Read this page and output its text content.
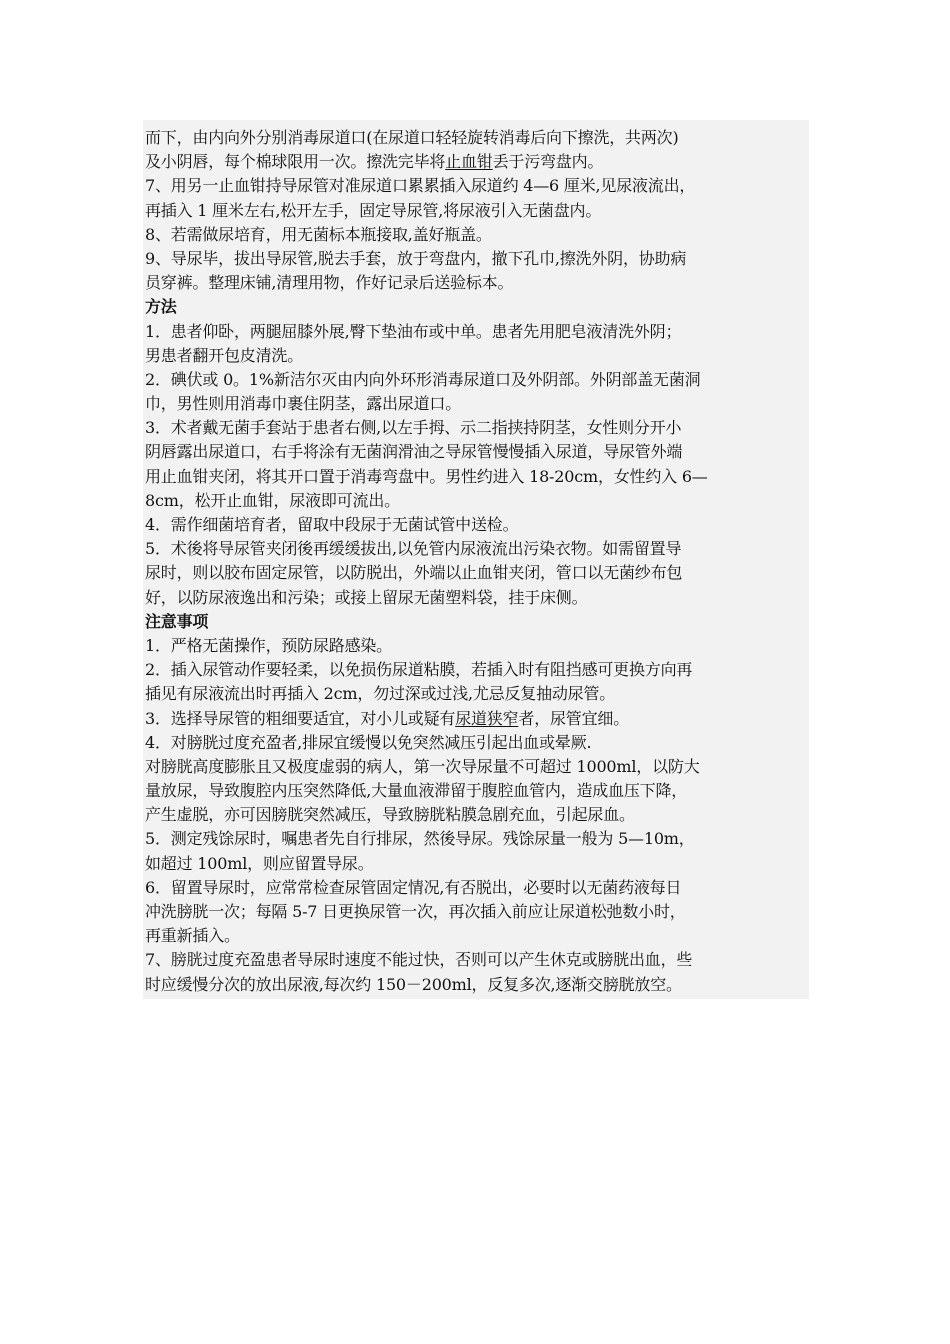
而下，由内向外分别消毒尿道口(在尿道口轻轻旋转消毒后向下擦洗，共两次)
及小阴唇，每个棉球限用一次。擦洗完毕将止血钳丢于污弯盘内。
7、用另一止血钳持导尿管对准尿道口累累插入尿道约 4—6 厘米,见尿液流出，
再插入 1 厘米左右,松开左手，固定导尿管,将尿液引入无菌盘内。
8、若需做尿培育，用无菌标本瓶接取,盖好瓶盖。
9、导尿毕，拔出导尿管,脱去手套，放于弯盘内，撤下孔巾,擦洗外阴，协助病
员穿裤。整理床铺,清理用物，作好记录后送验标本。
方法
1．患者仰卧，两腿屈膝外展,臀下垫油布或中单。患者先用肥皂液清洗外阴；
男患者翻开包皮清洗。
2．碘伏或 0。1%新洁尔灭由内向外环形消毒尿道口及外阴部。外阴部盖无菌洞
巾，男性则用消毒巾裹住阴茎，露出尿道口。
3．术者戴无菌手套站于患者右侧,以左手拇、示二指挟持阴茎，女性则分开小
阴唇露出尿道口，右手将涂有无菌润滑油之导尿管慢慢插入尿道，导尿管外端
用止血钳夹闭，将其开口置于消毒弯盘中。男性约进入 18-20cm，女性约入 6—
8cm，松开止血钳，尿液即可流出。
4．需作细菌培育者，留取中段尿于无菌试管中送检。
5．术後将导尿管夹闭後再缓缓拔出,以免管内尿液流出污染衣物。如需留置导
尿时，则以胶布固定尿管，以防脱出，外端以止血钳夹闭，管口以无菌纱布包
好，以防尿液逸出和污染；或接上留尿无菌塑料袋，挂于床侧。
注意事项
1．严格无菌操作，预防尿路感染。
2．插入尿管动作要轻柔，以免损伤尿道粘膜，若插入时有阻挡感可更换方向再
插见有尿液流出时再插入 2cm，勿过深或过浅,尤忌反复抽动尿管。
3．选择导尿管的粗细要适宜，对小儿或疑有尿道狭窄者，尿管宜细。
4．对膀胱过度充盈者,排尿宜缓慢以免突然减压引起出血或晕厥.
对膀胱高度膨胀且又极度虚弱的病人，第一次导尿量不可超过 1000ml，以防大
量放尿，导致腹腔内压突然降低,大量血液滞留于腹腔血管内，造成血压下降，
产生虚脱，亦可因膀胱突然减压，导致膀胱粘膜急剧充血，引起尿血。
5．测定残馀尿时，嘱患者先自行排尿，然後导尿。残馀尿量一般为 5—10m，
如超过 100ml，则应留置导尿。
6．留置导尿时，应常常检查尿管固定情况,有否脱出，必要时以无菌药液每日
冲洗膀胱一次；每隔 5-7 日更换尿管一次，再次插入前应让尿道松弛数小时，
再重新插入。
7、膀胱过度充盈患者导尿时速度不能过快，否则可以产生休克或膀胱出血，些
时应缓慢分次的放出尿液,每次约 150－200ml，反复多次,逐渐交膀胱放空。
